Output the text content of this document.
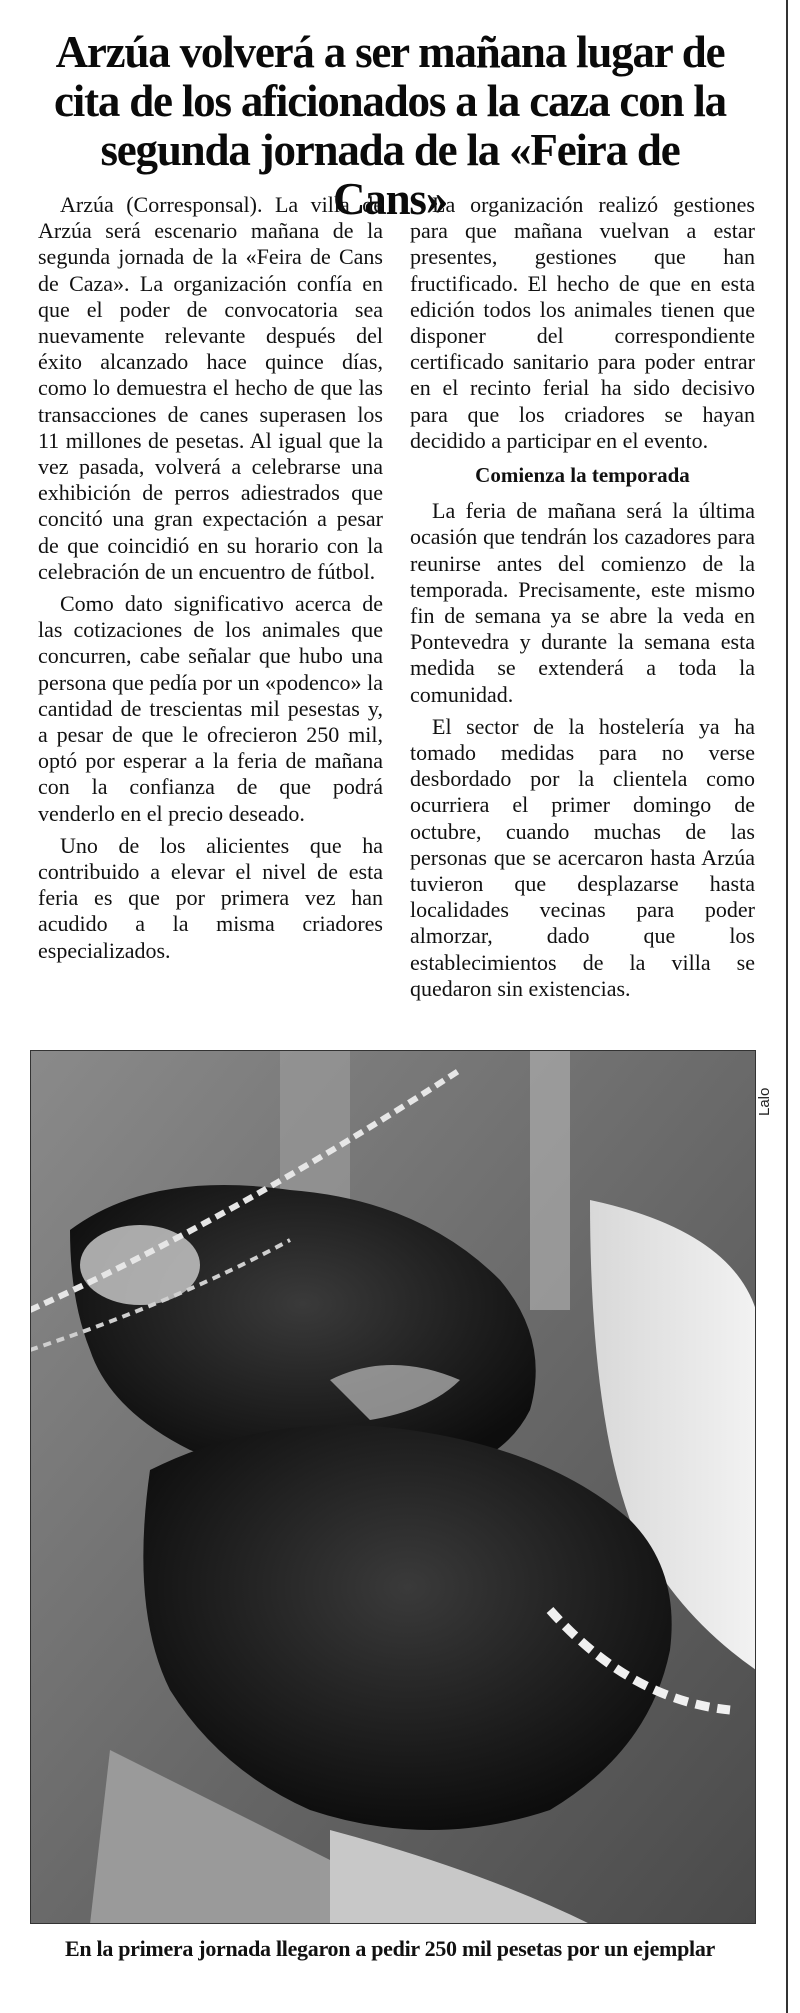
Arzúa volverá a ser mañana lugar de
cita de los aficionados a la caza con la
segunda jornada de la «Feira de Cans»

Arzúa (Corresponsal). La villa de Arzúa será escenario mañana de la segunda jornada de la «Feira de Cans de Caza». La organización confía en que el poder de convocatoria sea nuevamente relevante después del éxito alcanzado hace quince días, como lo demuestra el hecho de que las transacciones de canes superasen los 11 millones de pesetas. Al igual que la vez pasada, volverá a celebrarse una exhibición de perros adiestrados que concitó una gran expectación a pesar de que coincidió en su horario con la celebración de un encuentro de fútbol.

Como dato significativo acerca de las cotizaciones de los animales que concurren, cabe señalar que hubo una persona que pedía por un «podenco» la cantidad de trescientas mil pesestas y, a pesar de que le ofrecieron 250 mil, optó por esperar a la feria de mañana con la confianza de que podrá venderlo en el precio deseado.

Uno de los alicientes que ha contribuido a elevar el nivel de esta feria es que por primera vez han acudido a la misma criadores especializados.

La organización realizó gestiones para que mañana vuelvan a estar presentes, gestiones que han fructificado. El hecho de que en esta edición todos los animales tienen que disponer del correspondiente certificado sanitario para poder entrar en el recinto ferial ha sido decisivo para que los criadores se hayan decidido a participar en el evento.

Comienza la temporada

La feria de mañana será la última ocasión que tendrán los cazadores para reunirse antes del comienzo de la temporada. Precisamente, este mismo fin de semana ya se abre la veda en Pontevedra y durante la semana esta medida se extenderá a toda la comunidad.

El sector de la hostelería ya ha tomado medidas para no verse desbordado por la clientela como ocurriera el primer domingo de octubre, cuando muchas de las personas que se acercaron hasta Arzúa tuvieron que desplazarse hasta localidades vecinas para poder almorzar, dado que los establecimientos de la villa se quedaron sin existencias.

Lalo
En la primera jornada llegaron a pedir 250 mil pesetas por un ejemplar
